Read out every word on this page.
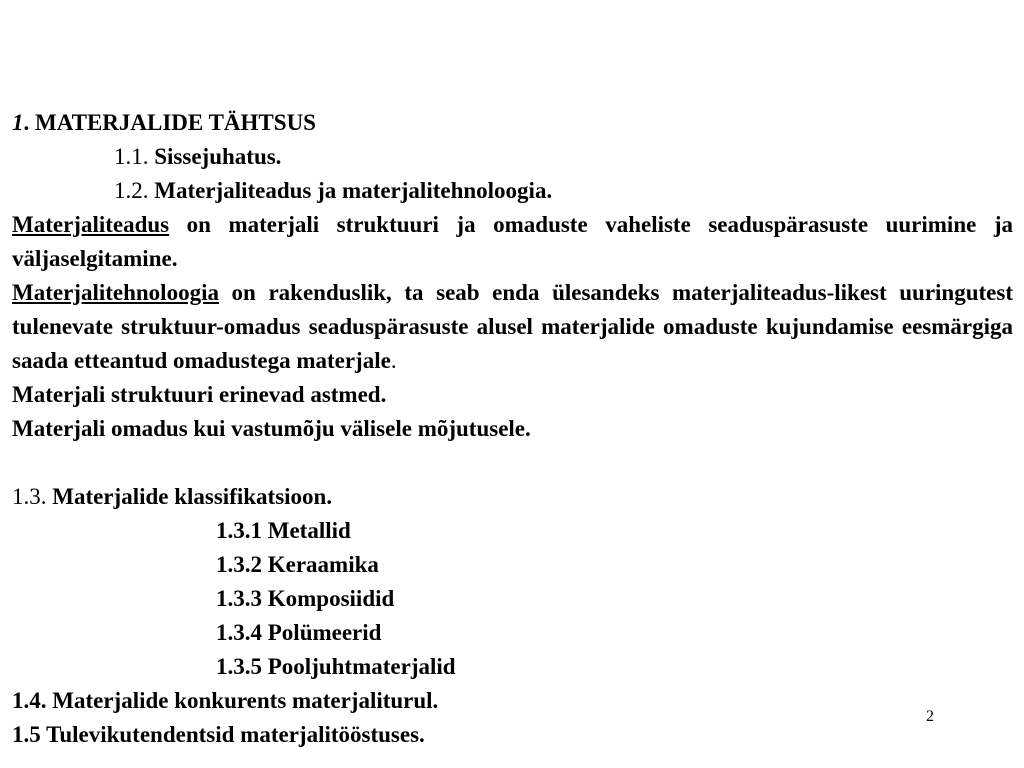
1. MATERJALIDE TÄHTSUS
1.1. Sissejuhatus.
1.2. Materjaliteadus ja materjalitehnoloogia.
Materjaliteadus on materjali struktuuri ja omaduste vaheliste seaduspärasuste uurimine ja väljaselgitamine.
Materjalitehnoloogia on rakenduslik, ta seab enda ülesandeks materjaliteadus-likest uuringutest tulenevate struktuur-omadus seaduspärasuste alusel materjalide omaduste kujundamise eesmärgiga saada etteantud omadustega materjale.
Materjali struktuuri erinevad astmed.
Materjali omadus kui vastumõju välisele mõjutusele.
1.3. Materjalide klassifikatsioon.
1.3.1 Metallid
1.3.2 Keraamika
1.3.3 Komposiidid
1.3.4 Polümeerid
1.3.5 Pooljuhtmaterjalid
1.4. Materjalide konkurents materjaliturul.
1.5 Tulevikutendentsid materjalitööstuses.
2
